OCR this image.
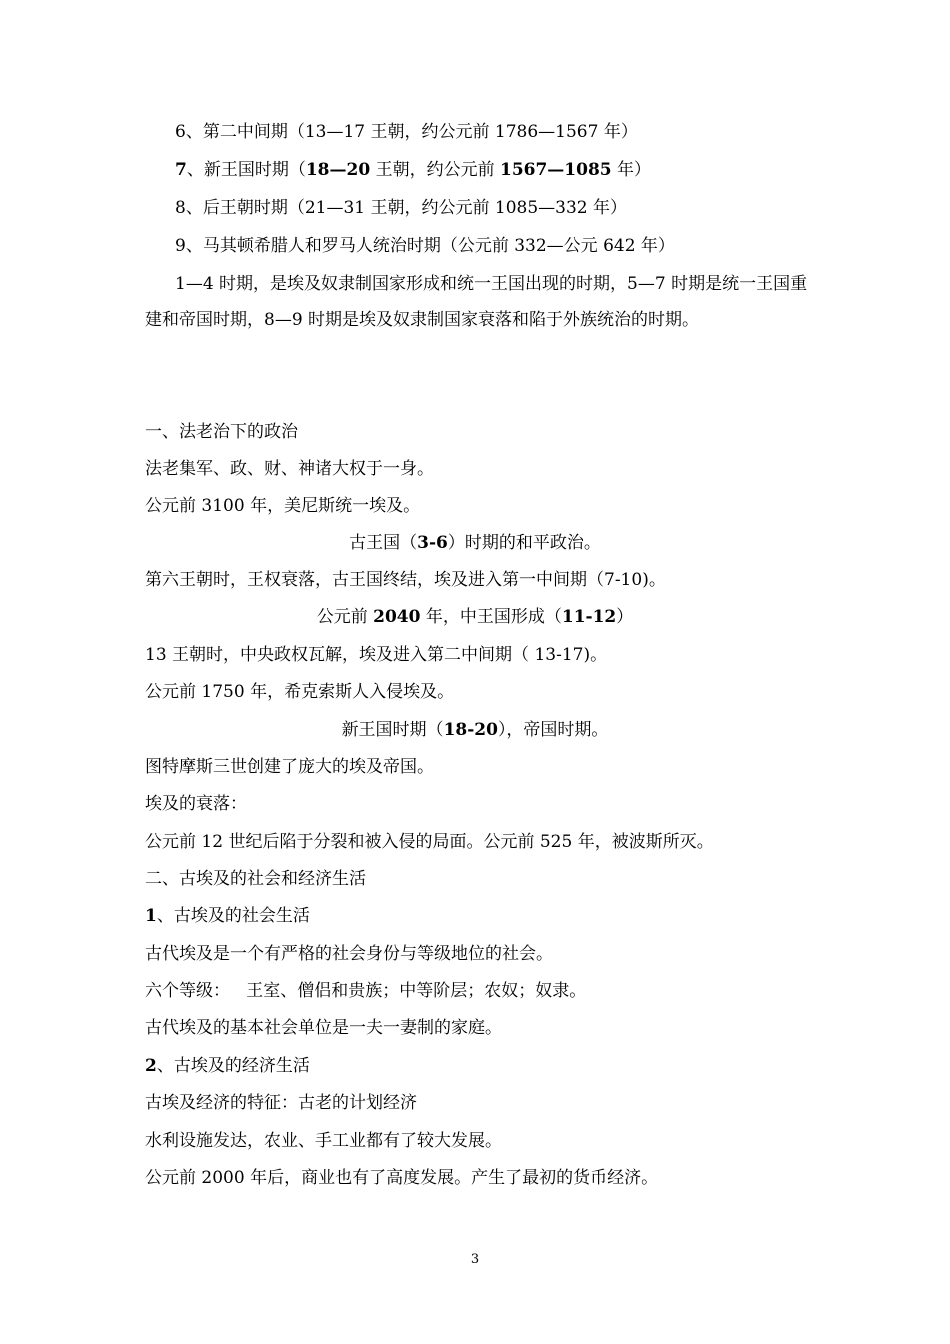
6、第二中间期（13—17 王朝，约公元前 1786—1567 年）
7、新王国时期（18—20 王朝，约公元前 1567—1085 年）
8、后王朝时期（21—31 王朝，约公元前 1085—332 年）
9、马其顿希腊人和罗马人统治时期（公元前 332—公元 642 年）
1—4 时期，是埃及奴隶制国家形成和统一王国出现的时期，5—7 时期是统一王国重建和帝国时期，8—9 时期是埃及奴隶制国家衰落和陷于外族统治的时期。
一、法老治下的政治
法老集军、政、财、神诸大权于一身。
公元前 3100 年，美尼斯统一埃及。
古王国（3-6）时期的和平政治。
第六王朝时，王权衰落，古王国终结，埃及进入第一中间期（7-10)。
公元前 2040 年，中王国形成（11-12）
13 王朝时，中央政权瓦解，埃及进入第二中间期（ 13-17)。
公元前 1750 年，希克索斯人入侵埃及。
新王国时期（18-20），帝国时期。
图特摩斯三世创建了庞大的埃及帝国。
埃及的衰落：
公元前 12 世纪后陷于分裂和被入侵的局面。公元前 525 年，被波斯所灭。
二、古埃及的社会和经济生活
1、古埃及的社会生活
古代埃及是一个有严格的社会身份与等级地位的社会。
六个等级：   王室、僧侣和贵族；中等阶层；农奴；奴隶。
古代埃及的基本社会单位是一夫一妻制的家庭。
2、古埃及的经济生活
古埃及经济的特征：古老的计划经济
水利设施发达，农业、手工业都有了较大发展。
公元前 2000 年后，商业也有了高度发展。产生了最初的货币经济。
3
